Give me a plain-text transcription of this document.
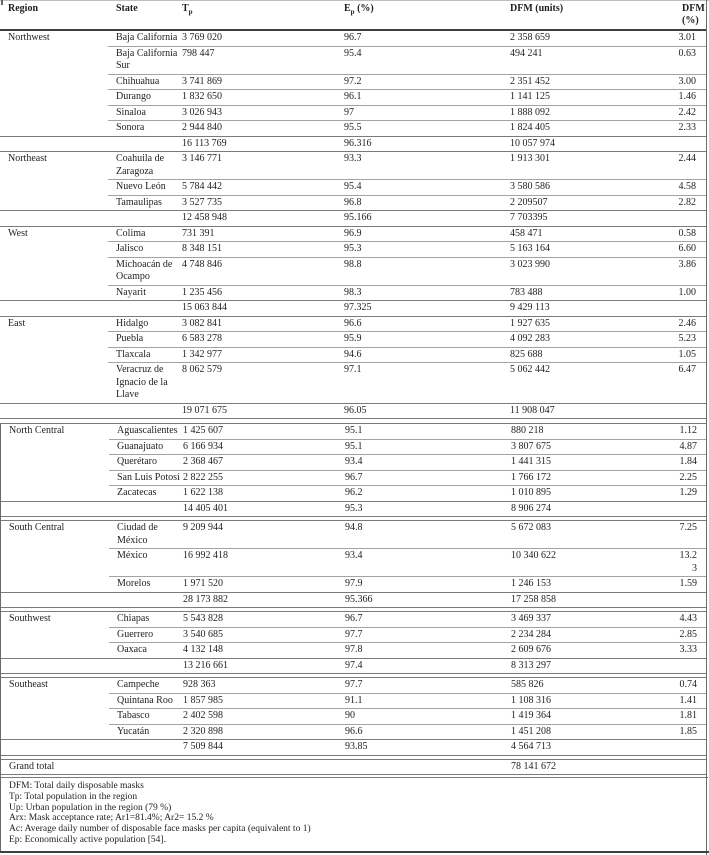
Region	State	$T_p$	$E_p$ (%)	DFM (units)	DFM
(%)

Northwest	Baja California	3 769 020	96.7	2 358 659	3.01
	Baja California Sur	798 447	95.4	494 241	0.63
	Chihuahua	3 741 869	97.2	2 351 452	3.00
	Durango	1 832 650	96.1	1 141 125	1.46
	Sinaloa	3 026 943	97	1 888 092	2.42
	Sonora	2 944 840	95.5	1 824 405	2.33
		16 113 769	96.316	10 057 974	
Northeast	Coahuila de Zaragoza	3 146 771	93.3	1 913 301	2.44
	Nuevo León	5 784 442	95.4	3 580 586	4.58
	Tamaulipas	3 527 735	96.8	2 209507	2.82
		12 458 948	95.166	7 703395	
West	Colima	731 391	96.9	458 471	0.58
	Jalisco	8 348 151	95.3	5 163 164	6.60
	Michoacán de Ocampo	4 748 846	98.8	3 023 990	3.86
	Nayarit	1 235 456	98.3	783 488	1.00
		15 063 844	97.325	9 429 113	
East	Hidalgo	3 082 841	96.6	1 927 635	2.46
	Puebla	6 583 278	95.9	4 092 283	5.23
	Tlaxcala	1 342 977	94.6	825 688	1.05
	Veracruz de Ignacio de la Llave	8 062 579	97.1	5 062 442	6.47
		19 071 675	96.05	11 908 047	
North Central	Aguascalientes	1 425 607	95.1	880 218	1.12
	Guanajuato	6 166 934	95.1	3 807 675	4.87
	Querétaro	2 368 467	93.4	1 441 315	1.84
	San Luis Potosí	2 822 255	96.7	1 766 172	2.25
	Zacatecas	1 622 138	96.2	1 010 895	1.29
		14 405 401	95.3	8 906 274	
South Central	Ciudad de México	9 209 944	94.8	5 672 083	7.25
	México	16 992 418	93.4	10 340 622	13.23
	Morelos	1 971 520	97.9	1 246 153	1.59
		28 173 882	95.366	17 258 858	
Southwest	Chiapas	5 543 828	96.7	3 469 337	4.43
	Guerrero	3 540 685	97.7	2 234 284	2.85
	Oaxaca	4 132 148	97.8	2 609 676	3.33
		13 216 661	97.4	8 313 297	
Southeast	Campeche	928 363	97.7	585 826	0.74
	Quintana Roo	1 857 985	91.1	1 108 316	1.41
	Tabasco	2 402 598	90	1 419 364	1.81
	Yucatán	2 320 898	96.6	1 451 208	1.85
		7 509 844	93.85	4 564 713	
Grand total				78 141 672	
DFM: Total daily disposable masks
Tp: Total population in the region
Up: Urban population in the region (79 %)
Arx: Mask acceptance rate; Ar1=81.4%; Ar2= 15.2 %
Ac: Average daily number of disposable face masks per capita (equivalent to 1)
Ep: Economically active population [54].
